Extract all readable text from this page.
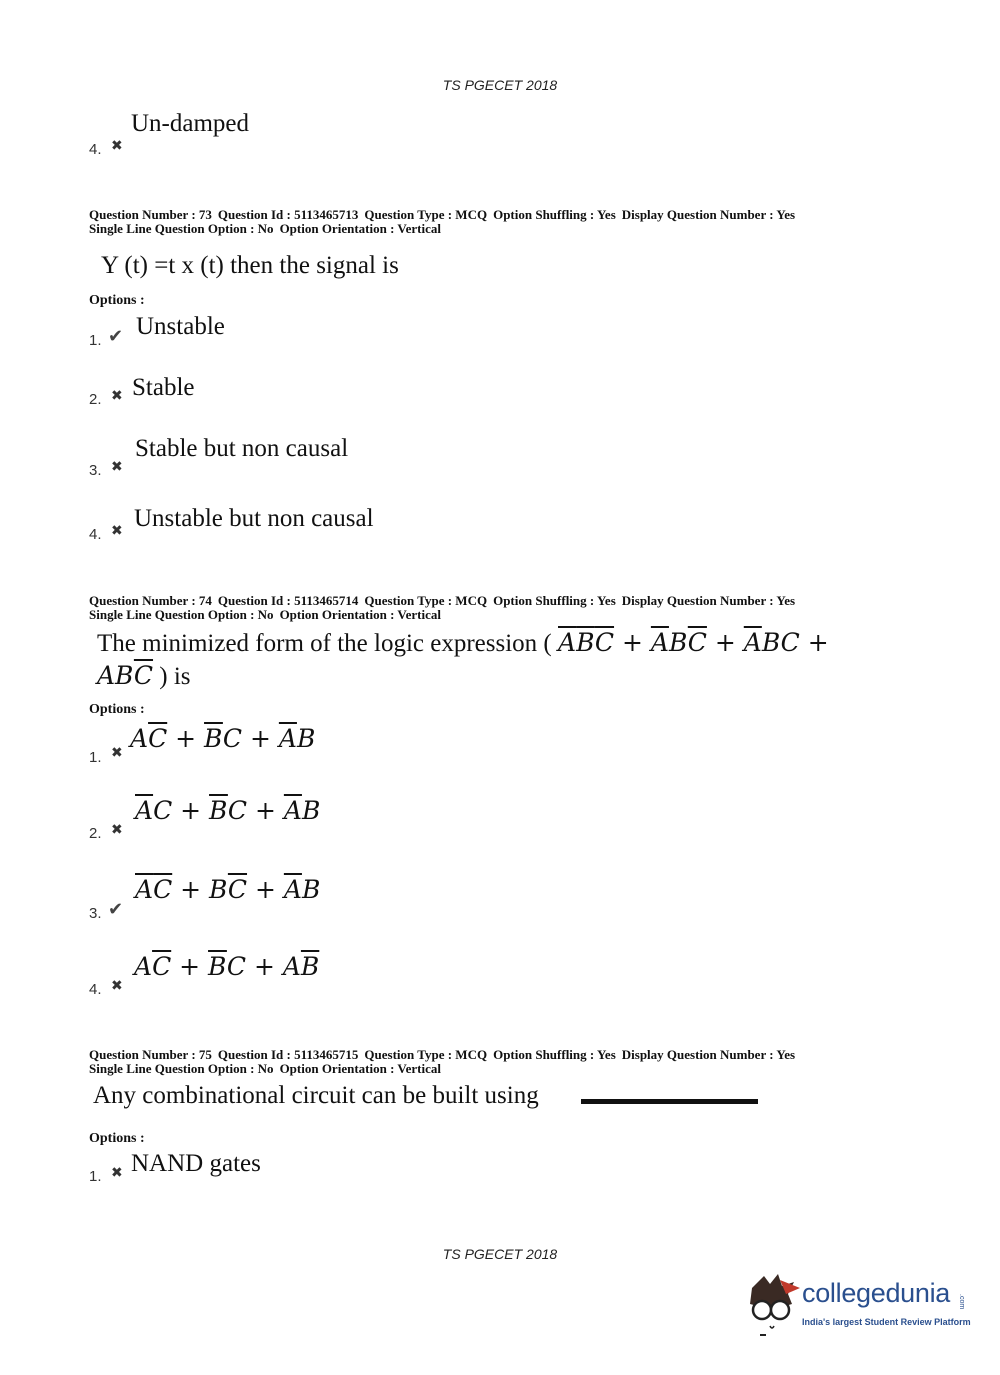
TS PGECET 2018
4. ✖
Un-damped
Question Number : 73 Question Id : 5113465713 Question Type : MCQ Option Shuffling : Yes Display Question Number : Yes
Single Line Question Option : No Option Orientation : Vertical
Y (t) =t x (t) then the signal is
Options :
1. ✔ Unstable
2. ✖ Stable
3. ✖
Stable but non causal
4. ✖ Unstable but non causal
Question Number : 74 Question Id : 5113465714 Question Type : MCQ Option Shuffling : Yes Display Question Number : Yes
Single Line Question Option : No Option Orientation : Vertical
The minimized form of the logic expression ( $\overline{A}\overline{B}\overline{C} + \overline{A}B\overline{C} + \overline{A}BC$ +
$AB\overline{C}$ ) is
Options :
1. ✖
$A\overline{C} + \overline{B}C + \overline{A}B$
2. ✖
$\overline{A}C + \overline{B}C + \overline{A}B$
3. ✔
$\overline{A}\overline{C} + B\overline{C} + \overline{A}B$
4. ✖
$A\overline{C} + \overline{B}C + A\overline{B}$
Question Number : 75 Question Id : 5113465715 Question Type : MCQ Option Shuffling : Yes Display Question Number : Yes
Single Line Question Option : No Option Orientation : Vertical
Any combinational circuit can be built using
Options :
1. ✖ NAND gates
TS PGECET 2018
collegedunia
India's largest Student Review Platform
.com
